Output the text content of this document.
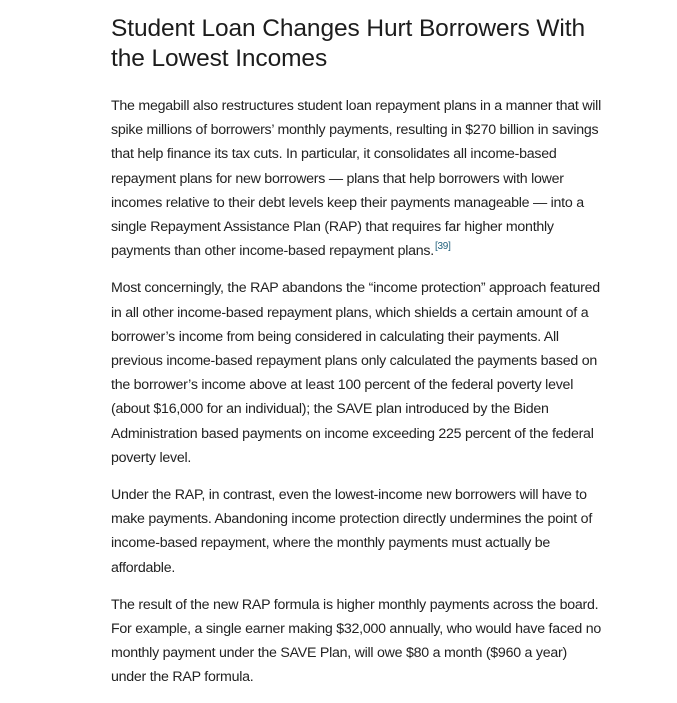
Student Loan Changes Hurt Borrowers With the Lowest Incomes

The megabill also restructures student loan repayment plans in a manner that will spike millions of borrowers’ monthly payments, resulting in $270 billion in savings that help finance its tax cuts. In particular, it consolidates all income-based repayment plans for new borrowers — plans that help borrowers with lower incomes relative to their debt levels keep their payments manageable — into a single Repayment Assistance Plan (RAP) that requires far higher monthly payments than other income-based repayment plans.[39]

Most concerningly, the RAP abandons the “income protection” approach featured in all other income-based repayment plans, which shields a certain amount of a borrower’s income from being considered in calculating their payments. All previous income-based repayment plans only calculated the payments based on the borrower’s income above at least 100 percent of the federal poverty level (about $16,000 for an individual); the SAVE plan introduced by the Biden Administration based payments on income exceeding 225 percent of the federal poverty level.

Under the RAP, in contrast, even the lowest-income new borrowers will have to make payments. Abandoning income protection directly undermines the point of income-based repayment, where the monthly payments must actually be affordable.

The result of the new RAP formula is higher monthly payments across the board. For example, a single earner making $32,000 annually, who would have faced no monthly payment under the SAVE Plan, will owe $80 a month ($960 a year) under the RAP formula.
